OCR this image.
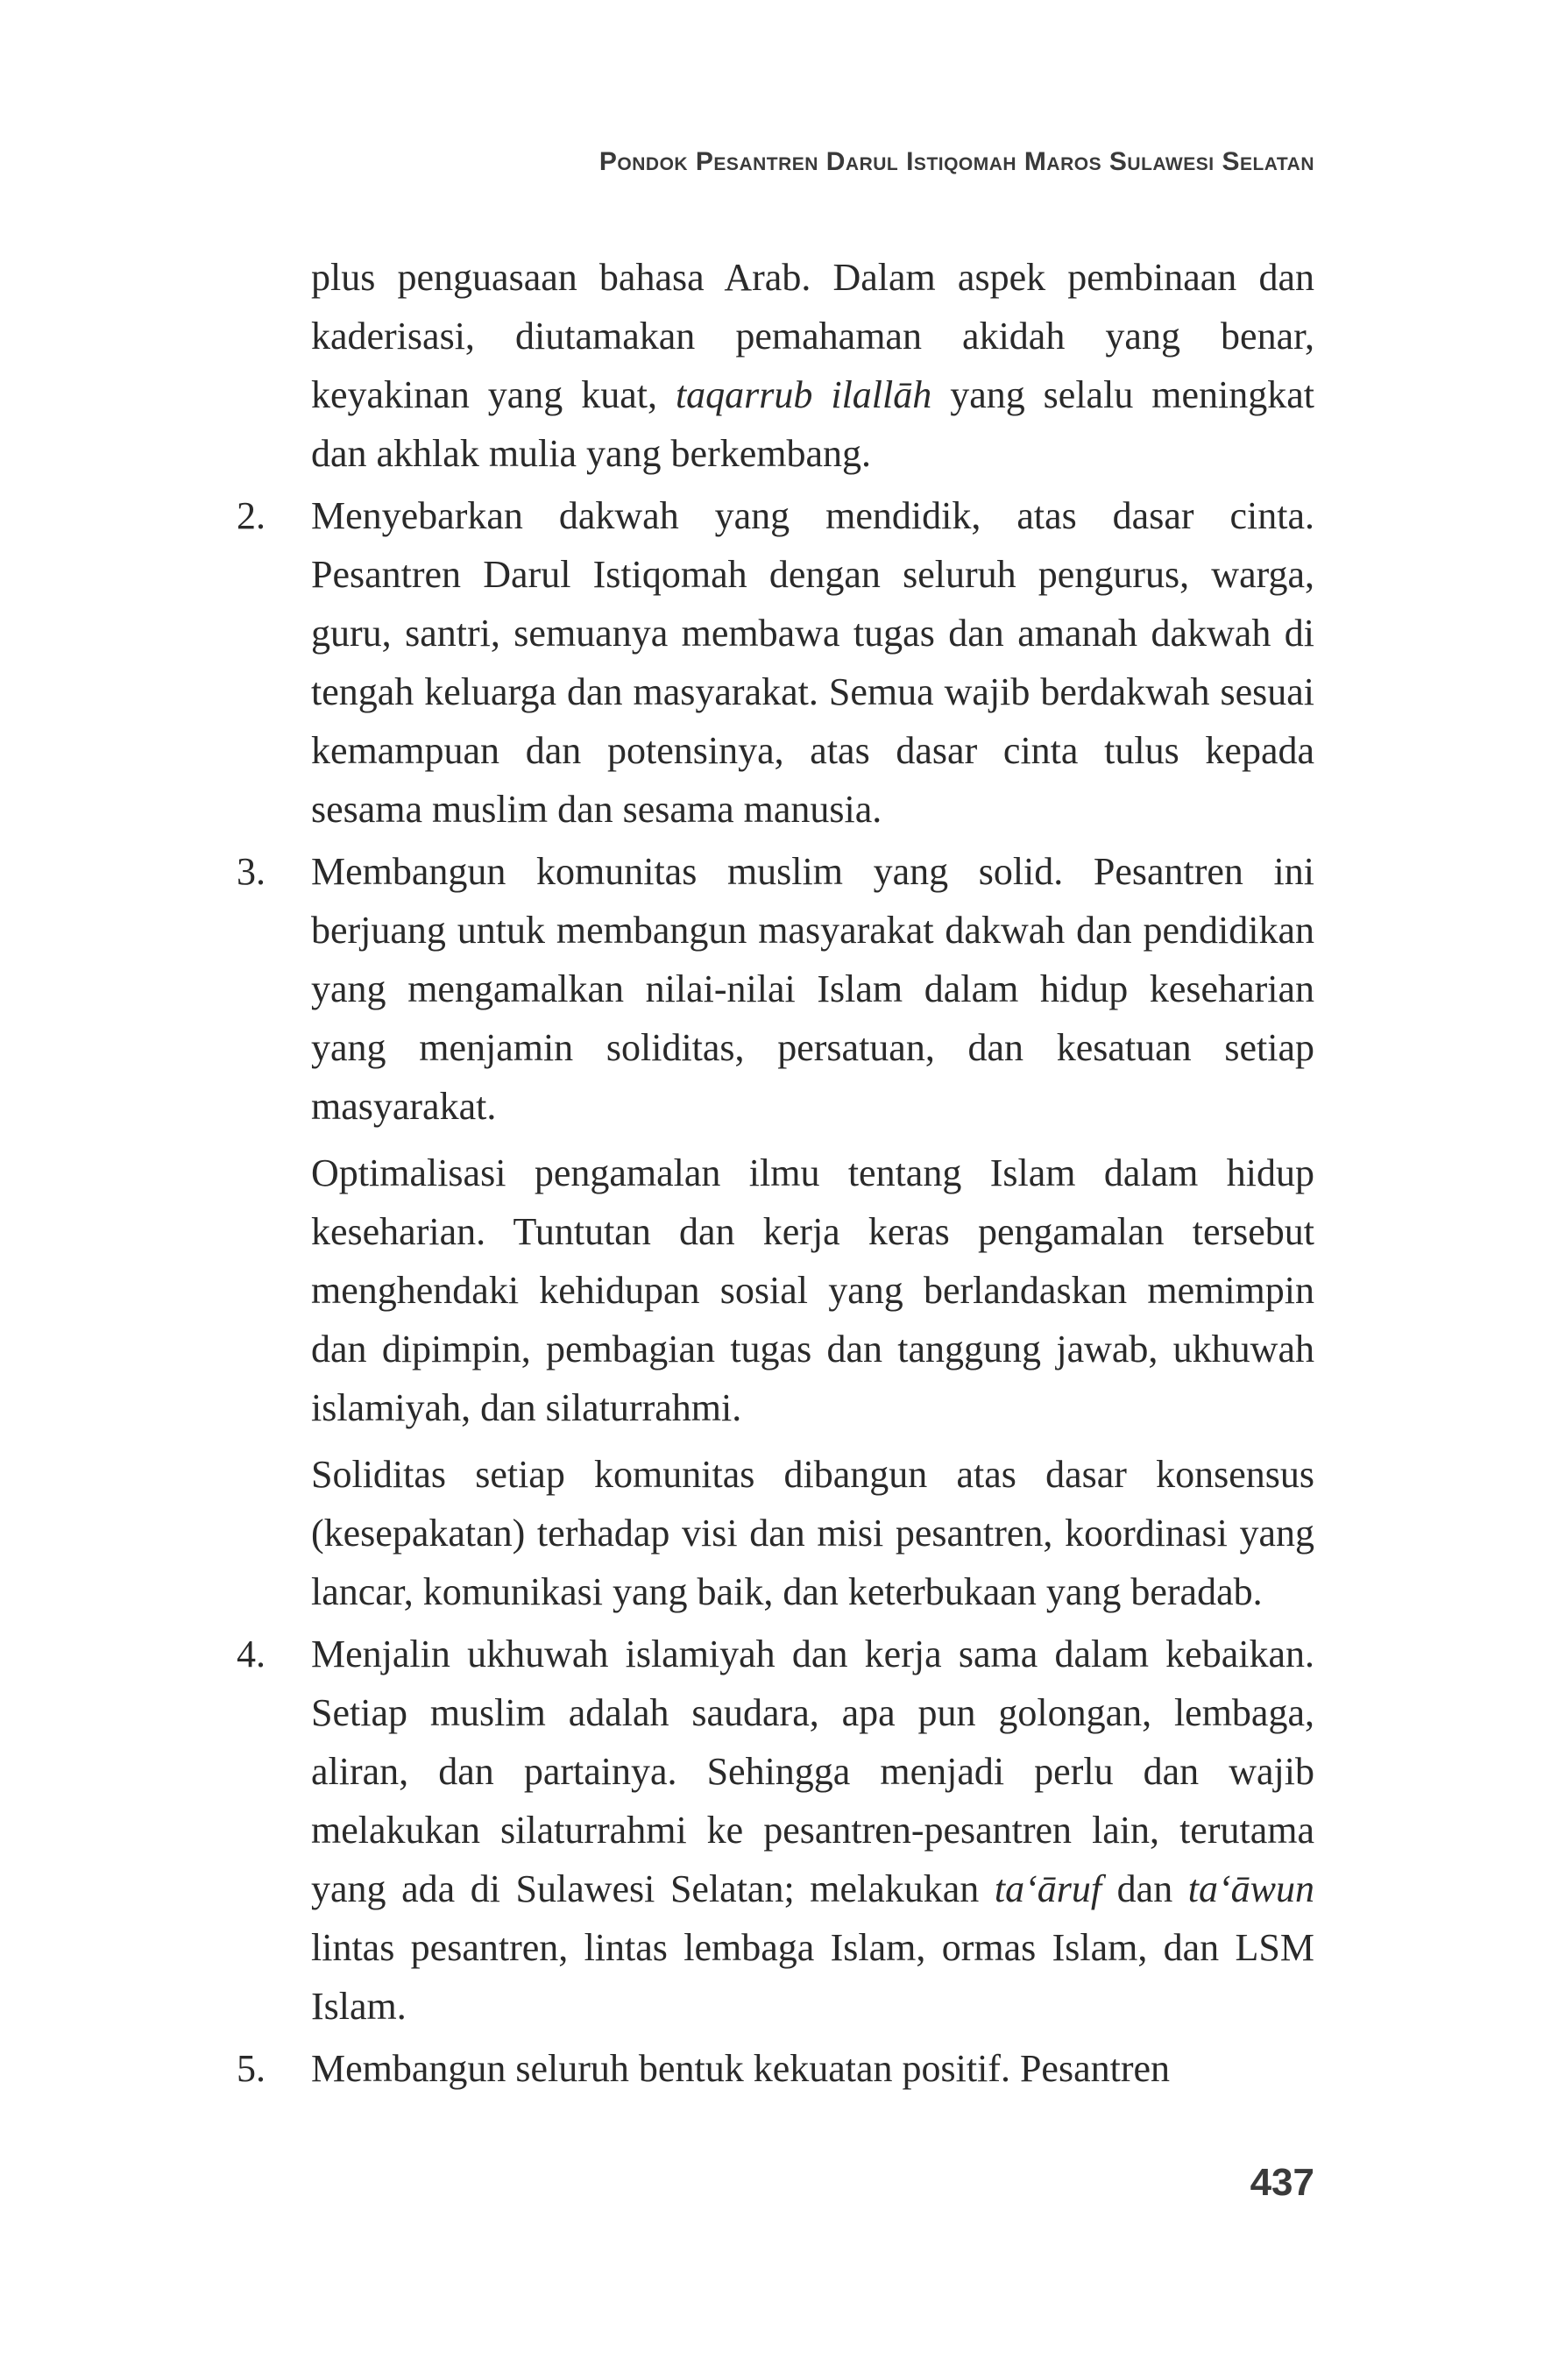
Pondok Pesantren Darul Istiqomah Maros Sulawesi Selatan

plus penguasaan bahasa Arab. Dalam aspek pembinaan dan kaderisasi, diutamakan pemahaman akidah yang benar, keyakinan yang kuat, taqarrub ilallāh yang selalu meningkat dan akhlak mulia yang berkembang.

2.	Menyebarkan dakwah yang mendidik, atas dasar cinta. Pesantren Darul Istiqomah dengan seluruh pengurus, warga, guru, santri, semuanya membawa tugas dan amanah dakwah di tengah keluarga dan masyarakat. Semua wajib berdakwah sesuai kemampuan dan potensinya, atas dasar cinta tulus kepada sesama muslim dan sesama manusia.

3.	Membangun komunitas muslim yang solid. Pesantren ini berjuang untuk membangun masyarakat dakwah dan pendidikan yang mengamalkan nilai-nilai Islam dalam hidup keseharian yang menjamin soliditas, persatuan, dan kesatuan setiap masyarakat.

Optimalisasi pengamalan ilmu tentang Islam dalam hidup keseharian. Tuntutan dan kerja keras pengamalan tersebut menghendaki kehidupan sosial yang berlandaskan memimpin dan dipimpin, pembagian tugas dan tanggung jawab, ukhuwah islamiyah, dan silaturrahmi.

Soliditas setiap komunitas dibangun atas dasar konsensus (kesepakatan) terhadap visi dan misi pesantren, koordinasi yang lancar, komunikasi yang baik, dan keterbukaan yang beradab.

4.	Menjalin ukhuwah islamiyah dan kerja sama dalam kebaikan. Setiap muslim adalah saudara, apa pun golongan, lembaga, aliran, dan partainya. Sehingga menjadi perlu dan wajib melakukan silaturrahmi ke pesantren-pesantren lain, terutama yang ada di Sulawesi Selatan; melakukan ta‘āruf dan ta‘āwun lintas pesantren, lintas lembaga Islam, ormas Islam, dan LSM Islam.

5.	Membangun seluruh bentuk kekuatan positif. Pesantren

437
